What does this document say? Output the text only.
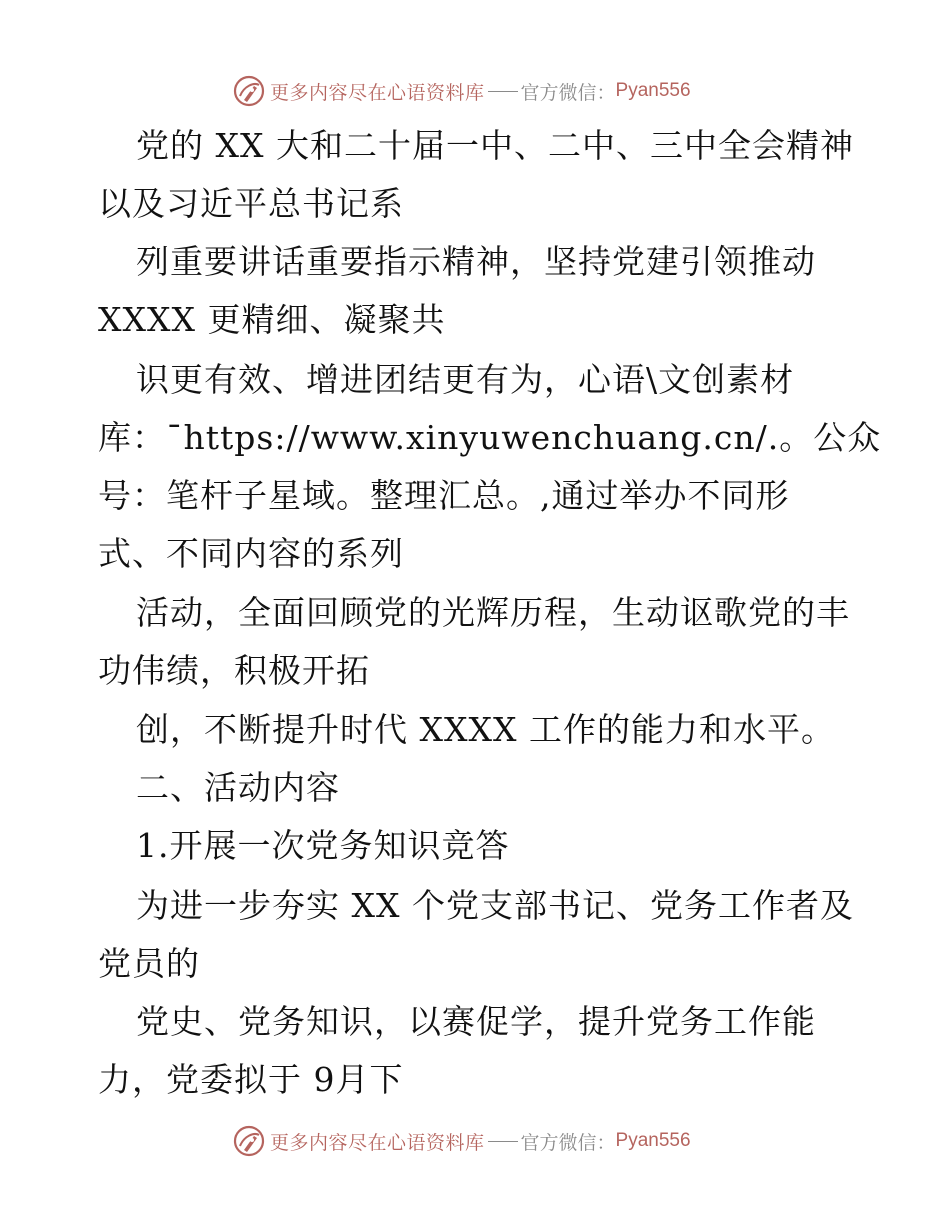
更多内容尽在心语资料库 官方微信： Pyan556
党的 XX 大和二十届一中、二中、三中全会精神
以及习近平总书记系
列重要讲话重要指示精神，坚持党建引领推动
XXXX 更精细、凝聚共
识更有效、增进团结更有为，心语\文创素材
库：¯https://www.xinyuwenchuang.cn/.。公众
号：笔杆子星域。整理汇总。,通过举办不同形
式、不同内容的系列
活动，全面回顾党的光辉历程，生动讴歌党的丰
功伟绩，积极开拓
创，不断提升时代 XXXX 工作的能力和水平。
二、活动内容
1.开展一次党务知识竞答
为进一步夯实 XX 个党支部书记、党务工作者及
党员的
党史、党务知识，以赛促学，提升党务工作能
力，党委拟于 9月下
更多内容尽在心语资料库 官方微信： Pyan556
